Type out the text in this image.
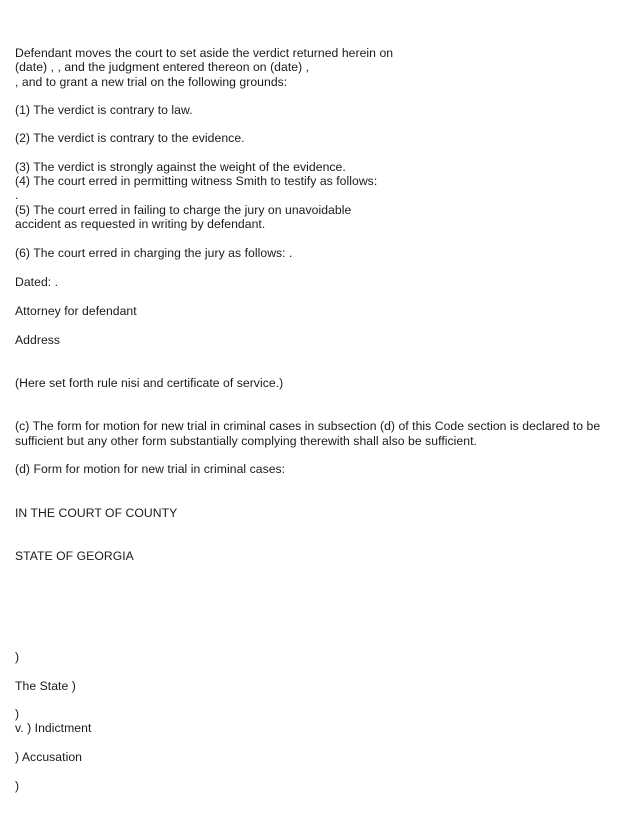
Defendant moves the court to set aside the verdict returned herein on
(date) , , and the judgment entered thereon on (date) ,
, and to grant a new trial on the following grounds:
(1) The verdict is contrary to law.
(2) The verdict is contrary to the evidence.
(3) The verdict is strongly against the weight of the evidence.
(4) The court erred in permitting witness Smith to testify as follows:
.
(5) The court erred in failing to charge the jury on unavoidable
accident as requested in writing by defendant.
(6) The court erred in charging the jury as follows: .
Dated: .
Attorney for defendant
Address
(Here set forth rule nisi and certificate of service.)
(c) The form for motion for new trial in criminal cases in subsection (d) of this Code section is declared to be
sufficient but any other form substantially complying therewith shall also be sufficient.
(d) Form for motion for new trial in criminal cases:
IN THE COURT OF COUNTY
STATE OF GEORGIA
)
The State )
)
v. ) Indictment
) Accusation
)
